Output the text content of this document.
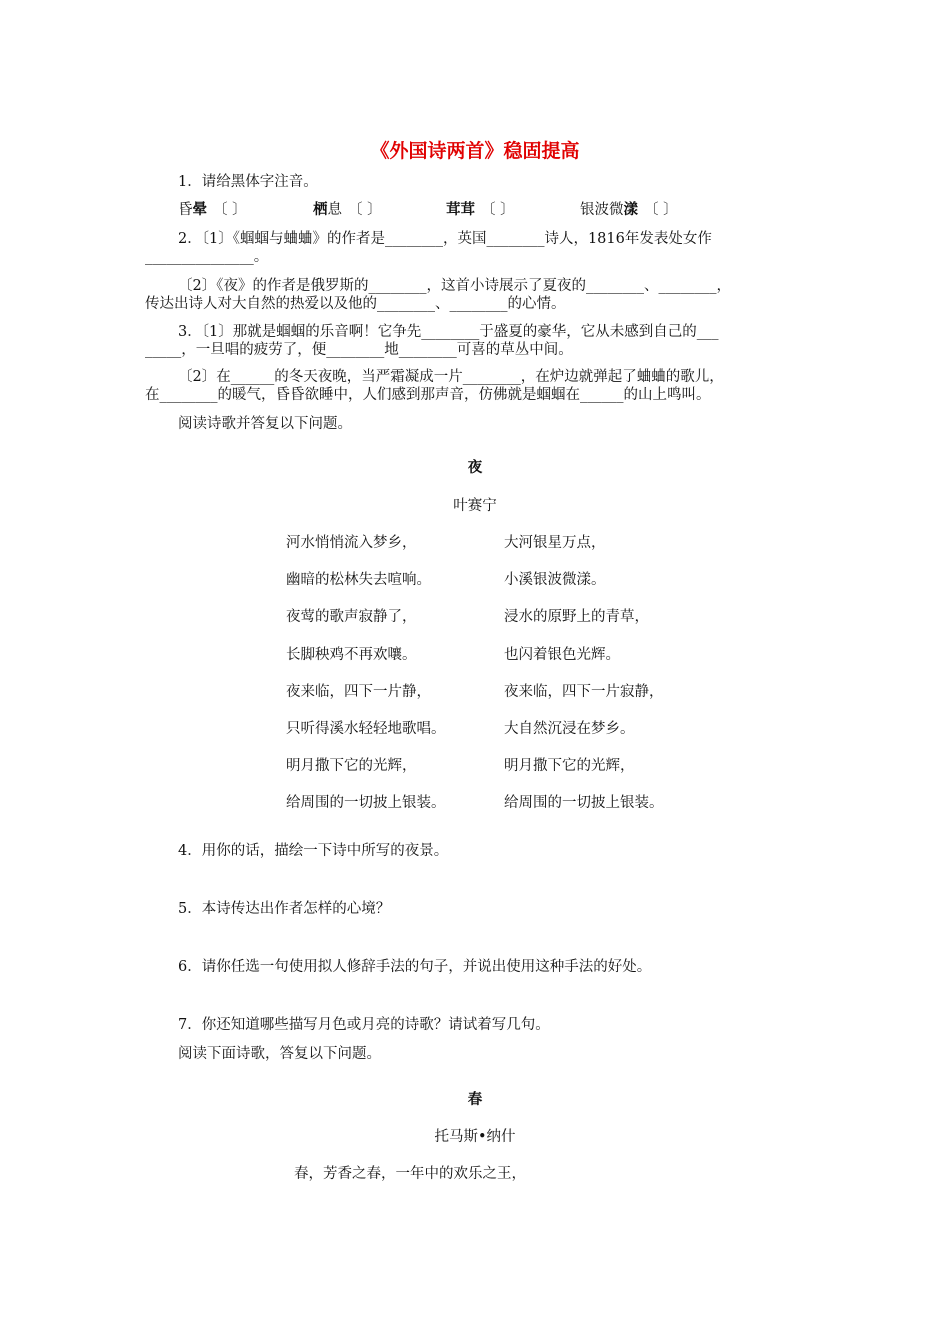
《外国诗两首》稳固提高
1．请给黑体字注音。
昏晕 〔 〕	栖息 〔 〕	茸茸 〔 〕	银波微漾 〔 〕
2．〔1〕《蝈蝈与蛐蛐》的作者是________，英国________诗人，1816年发表处女作
_______________。
〔2〕《夜》的作者是俄罗斯的________，这首小诗展示了夏夜的________、________，
传达出诗人对大自然的热爱以及他的________、________的心情。
3．〔1〕那就是蝈蝈的乐音啊！它争先________于盛夏的豪华，它从未感到自己的___
_____，一旦唱的疲劳了，便________地________可喜的草丛中间。
〔2〕在______的冬天夜晚，当严霜凝成一片________，在炉边就弹起了蛐蛐的歌儿，
在________的暖气，昏昏欲睡中，人们感到那声音，仿佛就是蝈蝈在______的山上鸣叫。
阅读诗歌并答复以下问题。
夜
叶赛宁
河水悄悄流入梦乡，
幽暗的松林失去喧响。
夜莺的歌声寂静了，
长脚秧鸡不再欢嚷。
夜来临，四下一片静，
只听得溪水轻轻地歌唱。
明月撒下它的光辉，
给周围的一切披上银装。
大河银星万点，
小溪银波微漾。
浸水的原野上的青草，
也闪着银色光辉。
夜来临，四下一片寂静，
大自然沉浸在梦乡。
明月撒下它的光辉，
给周围的一切披上银装。
4．用你的话，描绘一下诗中所写的夜景。
5．本诗传达出作者怎样的心境？
6．请你任选一句使用拟人修辞手法的句子，并说出使用这种手法的好处。
7．你还知道哪些描写月色或月亮的诗歌？请试着写几句。
阅读下面诗歌，答复以下问题。
春
托马斯•纳什
春，芳香之春，一年中的欢乐之王，
